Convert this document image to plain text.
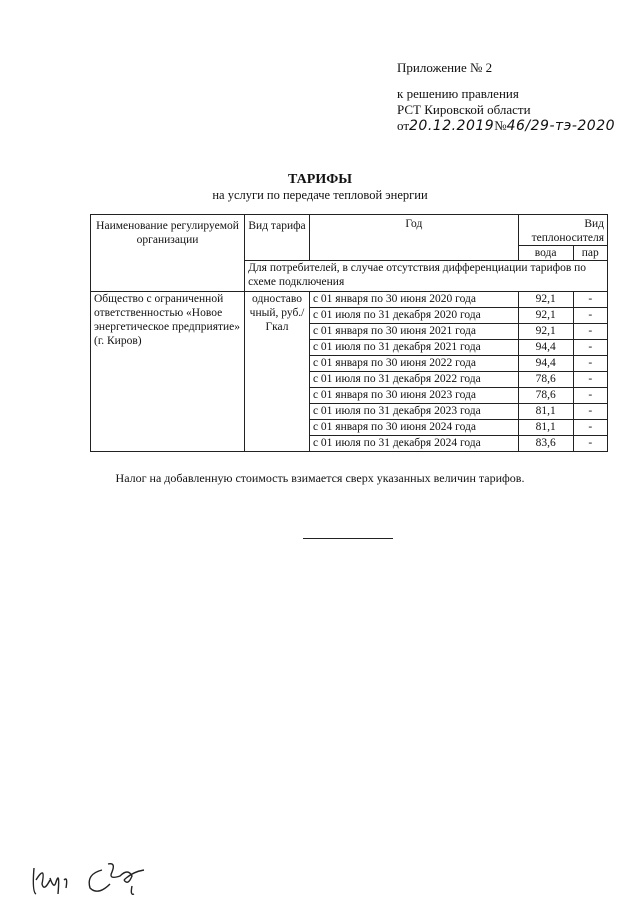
Приложение № 2
к решению правления
РСТ Кировской области
от20.12.2019№46/29-тэ-2020
ТАРИФЫ
на услуги по передаче тепловой энергии
Наименование регулируемой организации	Вид тарифа	Год	Вид теплоносителя	
			вода	пар
	Для потребителей, в случае отсутствия дифференциации тарифов по схеме подключения			
Общество с ограниченной ответственностью «Новое энергетическое предприятие» (г. Киров)	одноставо чный, руб./Гкал	с 01 января по 30 июня 2020 года	92,1	-
		с 01 июля по 31 декабря 2020 года	92,1	-
		с 01 января по 30 июня 2021 года	92,1	-
		с 01 июля по 31 декабря 2021 года	94,4	-
		с 01 января по 30 июня 2022 года	94,4	-
		с 01 июля по 31 декабря 2022 года	78,6	-
		с 01 января по 30 июня 2023 года	78,6	-
		с 01 июля по 31 декабря 2023 года	81,1	-
		с 01 января по 30 июня 2024 года	81,1	-
		с 01 июля по 31 декабря 2024 года	83,6	-
Налог на добавленную стоимость взимается сверх указанных величин тарифов.
